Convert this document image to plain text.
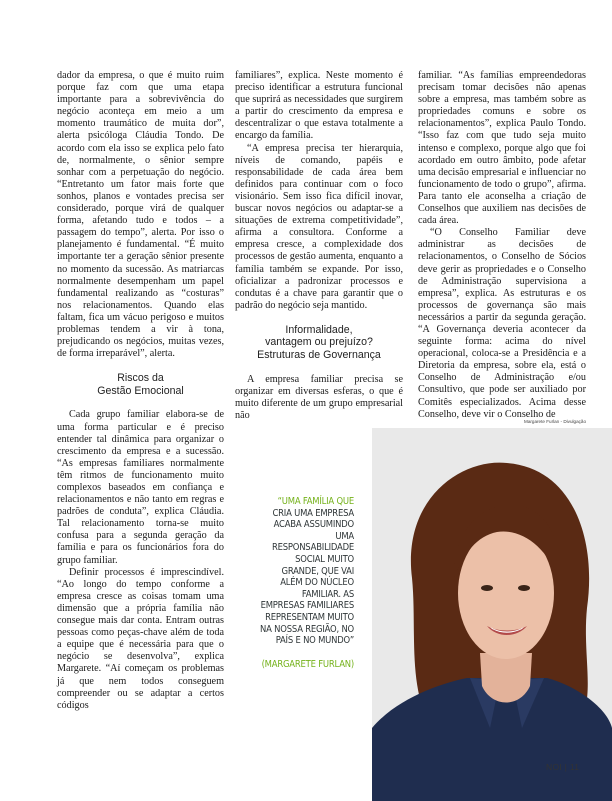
dador da empresa, o que é muito ruim porque faz com que uma etapa importante para a sobrevivência do negócio aconteça em meio a um momento traumático de muita dor”, alerta psicóloga Cláudia Tondo. De acordo com ela isso se explica pelo fato de, normalmente, o sênior sempre sonhar com a perpetuação do negócio. “Entretanto um fator mais forte que sonhos, planos e vontades precisa ser considerado, porque virá de qualquer forma, afetando tudo e todos – a passagem do tempo”, alerta. Por isso o planejamento é fundamental. “É muito importante ter a geração sênior presente no momento da sucessão. As matriarcas normalmente desempenham um papel fundamental realizando as “costuras” nos relacionamentos. Quando elas faltam, fica um vácuo perigoso e muitos problemas tendem a vir à tona, prejudicando os negócios, muitas vezes, de forma irreparável”, alerta.

Riscos da
Gestão Emocional

Cada grupo familiar elabora-se de uma forma particular e é preciso entender tal dinâmica para organizar o crescimento da empresa e a sucessão. “As empresas familiares normalmente têm ritmos de funcionamento muito complexos baseados em confiança e relacionamentos e não tanto em regras e padrões de conduta”, explica Cláudia. Tal relacionamento torna-se muito confusa para a segunda geração da família e para os funcionários fora do grupo familiar.

Definir processos é imprescindível. “Ao longo do tempo conforme a empresa cresce as coisas tomam uma dimensão que a própria família não consegue mais dar conta. Entram outras pessoas como peças-chave além de toda a equipe que é necessária para que o negócio se desenvolva”, explica Margarete. “Aí começam os problemas já que nem todos conseguem compreender ou se adaptar a certos códigos

familiares”, explica. Neste momento é preciso identificar a estrutura funcional que suprirá as necessidades que surgirem a partir do crescimento da empresa e descentralizar o que estava totalmente a encargo da família.

“A empresa precisa ter hierarquia, níveis de comando, papéis e responsabilidade de cada área bem definidos para continuar com o foco visionário. Sem isso fica difícil inovar, buscar novos negócios ou adaptar-se a situações de extrema competitividade”, afirma a consultora. Conforme a empresa cresce, a complexidade dos processos de gestão aumenta, enquanto a família também se expande. Por isso, oficializar a padronizar processos e condutas é a chave para garantir que o padrão do negócio seja mantido.

Informalidade,
vantagem ou prejuízo?
Estruturas de Governança

A empresa familiar precisa se organizar em diversas esferas, o que é muito diferente de um grupo empresarial não

familiar. “As famílias empreendedoras precisam tomar decisões não apenas sobre a empresa, mas também sobre as propriedades comuns e sobre os relacionamentos”, explica Paulo Tondo. “Isso faz com que tudo seja muito intenso e complexo, porque algo que foi acordado em outro âmbito, pode afetar uma decisão empresarial e influenciar no funcionamento de todo o grupo”, afirma. Para tanto ele aconselha a criação de Conselhos que auxiliem nas decisões de cada área.

“O Conselho Familiar deve administrar as decisões de relacionamentos, o Conselho de Sócios deve gerir as propriedades e o Conselho de Administração supervisiona a empresa”, explica. As estruturas e os processos de governança são mais necessários a partir da segunda geração. “A Governança deveria acontecer da seguinte forma: acima do nível operacional, coloca-se a Presidência e a Diretoria da empresa, sobre ela, está o Conselho de Administração e/ou Consultivo, que pode ser auxiliado por Comitês especializados. Acima desse Conselho, deve vir o Conselho de

Margarete Furlan - Divulgação
“UMA FAMÍLIA QUE CRIA UMA EMPRESA ACABA ASSUMINDO UMA RESPONSABILIDADE SOCIAL MUITO GRANDE, QUE VAI ALÉM DO NÚCLEO FAMILIAR. AS EMPRESAS FAMILIARES REPRESENTAM MUITO NA NOSSA REGIÃO, NO PAÍS E NO MUNDO”
(MARGARETE FURLAN)
NOI | 11
